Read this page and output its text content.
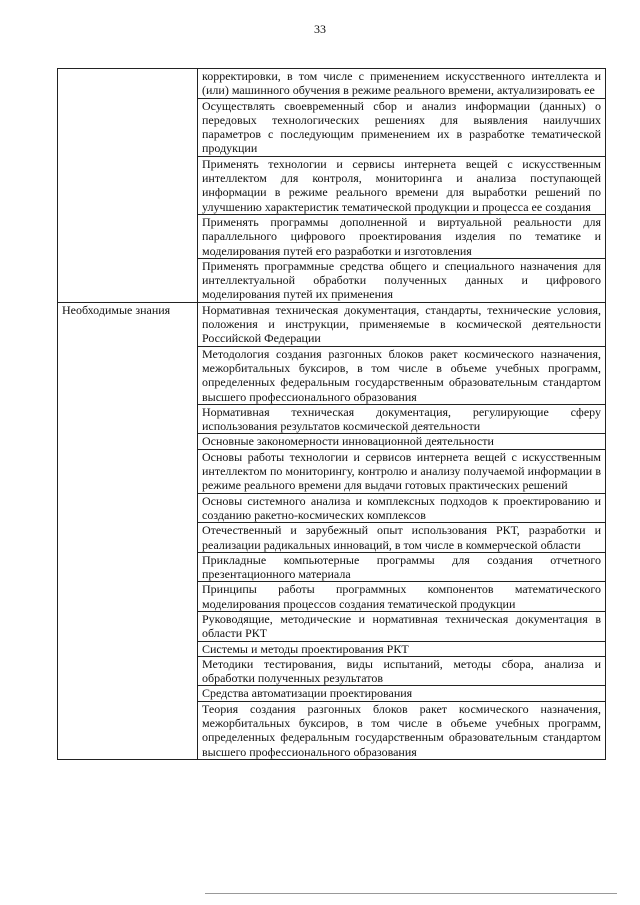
33
	корректировки, в том числе с применением искусственного интеллекта и (или) машинного обучения в режиме реального времени, актуализировать ее
	Осуществлять своевременный сбор и анализ информации (данных) о передовых технологических решениях для выявления наилучших параметров с последующим применением их в разработке тематической продукции
	Применять технологии и сервисы интернета вещей с искусственным интеллектом для контроля, мониторинга и анализа поступающей информации в режиме реального времени для выработки решений по улучшению характеристик тематической продукции и процесса ее создания
	Применять программы дополненной и виртуальной реальности для параллельного цифрового проектирования изделия по тематике и моделирования путей его разработки и изготовления
	Применять программные средства общего и специального назначения для интеллектуальной обработки полученных данных и цифрового моделирования путей их применения
Необходимые знания	Нормативная техническая документация, стандарты, технические условия, положения и инструкции, применяемые в космической деятельности Российской Федерации
	Методология создания разгонных блоков ракет космического назначения, межорбитальных буксиров, в том числе в объеме учебных программ, определенных федеральным государственным образовательным стандартом высшего профессионального образования
	Нормативная техническая документация, регулирующие сферу использования результатов космической деятельности
	Основные закономерности инновационной деятельности
	Основы работы технологии и сервисов интернета вещей с искусственным интеллектом по мониторингу, контролю и анализу получаемой информации в режиме реального времени для выдачи готовых практических решений
	Основы системного анализа и комплексных подходов к проектированию и созданию ракетно-космических комплексов
	Отечественный и зарубежный опыт использования РКТ, разработки и реализации радикальных инноваций, в том числе в коммерческой области
	Прикладные компьютерные программы для создания отчетного презентационного материала
	Принципы работы программных компонентов математического моделирования процессов создания тематической продукции
	Руководящие, методические и нормативная техническая документация в области РКТ
	Системы и методы проектирования РКТ
	Методики тестирования, виды испытаний, методы сбора, анализа и обработки полученных результатов
	Средства автоматизации проектирования
	Теория создания разгонных блоков ракет космического назначения, межорбитальных буксиров, в том числе в объеме учебных программ, определенных федеральным государственным образовательным стандартом высшего профессионального образования
